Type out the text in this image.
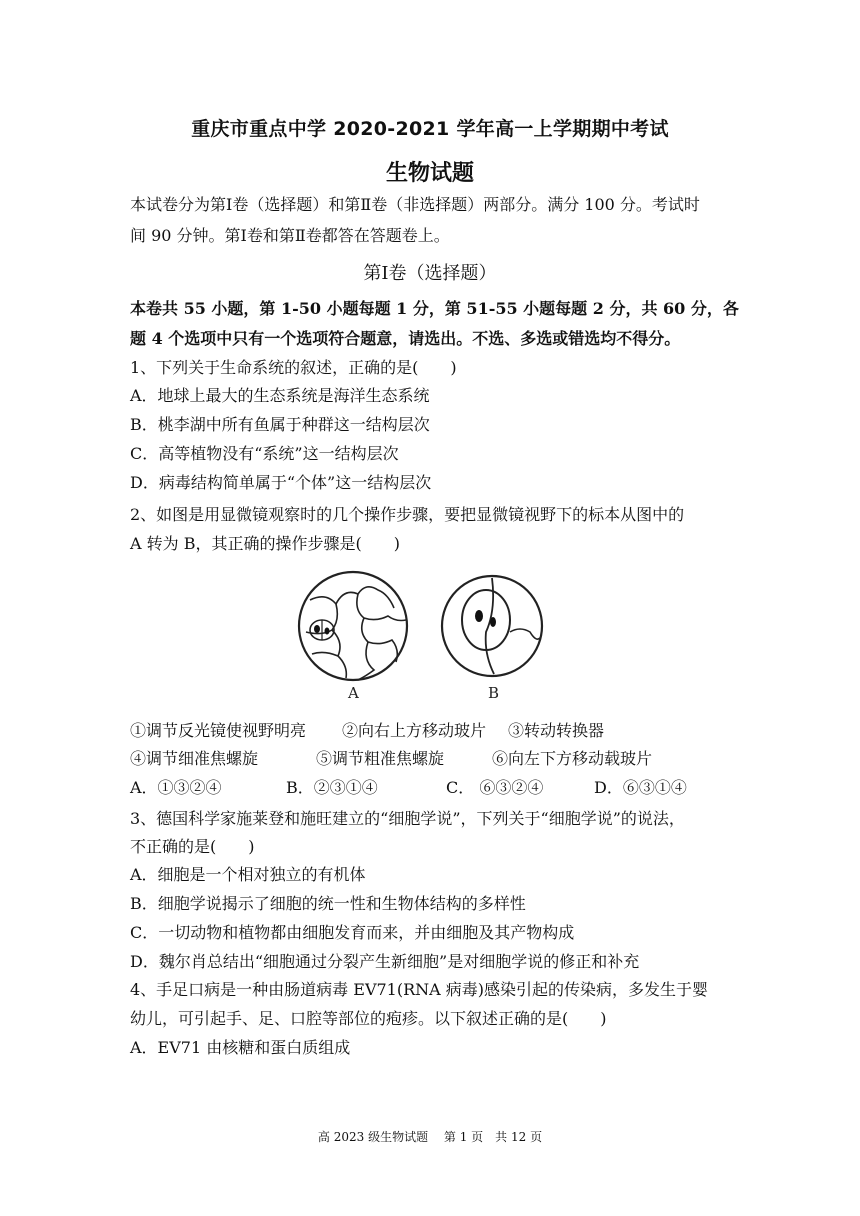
重庆市重点中学 2020-2021 学年高一上学期期中考试
生物试题
本试卷分为第Ⅰ卷（选择题）和第Ⅱ卷（非选择题）两部分。满分 100 分。考试时
间 90 分钟。第Ⅰ卷和第Ⅱ卷都答在答题卷上。
第Ⅰ卷（选择题）
本卷共 55 小题，第 1-50 小题每题 1 分，第 51-55 小题每题 2 分，共 60 分，各
题 4 个选项中只有一个选项符合题意，请选出。不选、多选或错选均不得分。
1、下列关于生命系统的叙述，正确的是(　　)
A．地球上最大的生态系统是海洋生态系统
B．桃李湖中所有鱼属于种群这一结构层次
C．高等植物没有“系统”这一结构层次
D．病毒结构简单属于“个体”这一结构层次
2、如图是用显微镜观察时的几个操作步骤，要把显微镜视野下的标本从图中的
A 转为 B，其正确的操作步骤是(　　)
A	B
①调节反光镜使视野明亮 ②向右上方移动玻片 ③转动转换器
④调节细准焦螺旋	⑤调节粗准焦螺旋	⑥向左下方移动载玻片
A．①③②④	B．②③①④	C． ⑥③②④	D．⑥③①④
3、德国科学家施莱登和施旺建立的“细胞学说”，下列关于“细胞学说”的说法，
不正确的是(　　)
A．细胞是一个相对独立的有机体
B．细胞学说揭示了细胞的统一性和生物体结构的多样性
C．一切动物和植物都由细胞发育而来，并由细胞及其产物构成
D．魏尔肖总结出“细胞通过分裂产生新细胞”是对细胞学说的修正和补充
4、手足口病是一种由肠道病毒 EV71(RNA 病毒)感染引起的传染病，多发生于婴
幼儿，可引起手、足、口腔等部位的疱疹。以下叙述正确的是(　　)
A．EV71 由核糖和蛋白质组成
高 2023 级生物试题　 第 1 页　共 12 页
